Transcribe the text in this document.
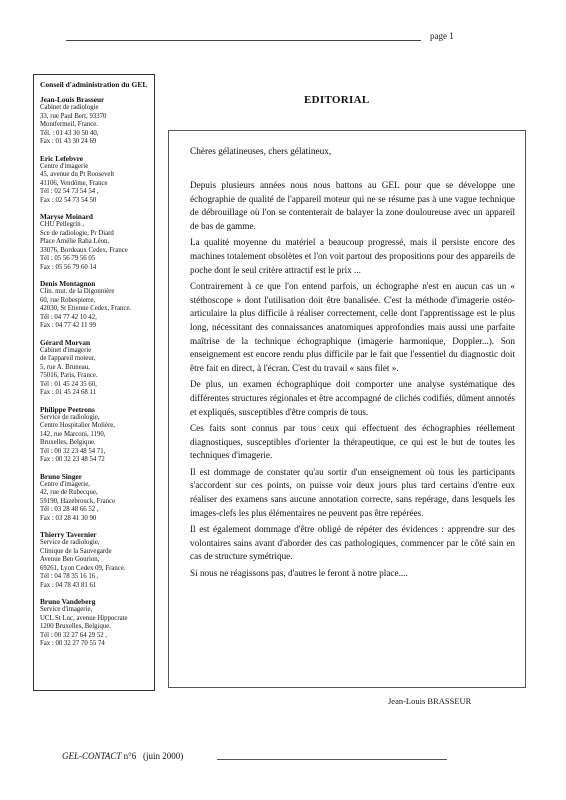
page 1
Conseil d'administration du GEL
Jean-Louis Brasseur
Cabinet de radiologie
33, rue Paul Bert, 93370
Montfermeil, France.
Tél. : 01 43 30 50 40,
Fax : 01 43 30 24 69
Eric Lefebvre
Centre d'imagerie
45, avenue du Pt Roosevelt
41106, Vendôme, France
Tél : 02 54 73 54 54 ,
Fax : 02 54 73 54 50
Maryse Moinard
CHU Pellegrin ,
Sce de radiologie, Pr Diard
Place Amélie Raba Léon,
33076, Bordeaux Cedex, France
Tél : 05 56 79 56 05
Fax : 05 56 79 60 14
Denis Montagnon
Clin. mut. de la Digonnière
60, rue Robespierre,
42030, St Etienne Cedex, France.
Tél : 04 77 42 10 42,
Fax : 04 77 42 11 99
Gérard Morvan
Cabinet d'imagerie
de l'appareil moteur,
5, rue A. Bruneau,
75016, Paris, France.
Tél : 01 45 24 35 60,
Fax : 01 45 24 68 11
Philippe Peetrons
Service de radiologie,
Centre Hospitalier Molière,
142, rue Marconi, 1190,
Bruxelles, Belgique.
Tél : 00 32 23 48 54 71,
Fax : 00 32 23 48 54 72
Bruno Singer
Centre d'imagerie,
42, rue de Rubecque,
59190, Hazebrouck, France
Tél : 03 28 48 66 52 ,
Fax : 03 28 41 30 90
Thierry Tavernier
Service de radiologie,
Clinique de la Sauvegarde
Avenue Ben Gourion,
69261, Lyon Cedex 09, France.
Tél : 04 78 35 16 16 ,
Fax : 04 78 43 81 61
Bruno Vandeberg
Service d'imagerie,
UCL St Luc, avenue Hippocrate
1200 Bruxelles, Belgique.
Tél : 00 32 27 64 29 52 ,
Fax : 00 32 27 70 55 74
EDITORIAL
Chères gélatineuses, chers gélatineux,

Depuis plusieurs années nous nous battons au GEL pour que se développe une échographie de qualité de l'appareil moteur qui ne se résume pas à une vague technique de débrouillage où l'on se contenterait de balayer la zone douloureuse avec un appareil de bas de gamme.

La qualité moyenne du matériel a beaucoup progressé, mais il persiste encore des machines totalement obsolètes et l'on voit partout des propositions pour des appareils de poche dont le seul critère attractif est le prix ...

Contrairement à ce que l'on entend parfois, un échographe n'est en aucun cas un « stéthoscope » dont l'utilisation doit être banalisée. C'est la méthode d'imagerie ostéo-articulaire la plus difficile à réaliser correctement, celle dont l'apprentissage est le plus long, nécessitant des connaissances anatomiques approfondies mais aussi une parfaite maîtrise de la technique échographique (imagerie harmonique, Doppler...). Son enseignement est encore rendu plus difficile par le fait que l'essentiel du diagnostic doit être fait en direct, à l'écran. C'est du travail « sans filet ».

De plus, un examen échographique doit comporter une analyse systématique des différentes structures régionales et être accompagné de clichés codifiés, dûment annotés et expliqués, susceptibles d'être compris de tous.

Ces faits sont connus par tous ceux qui effectuent des échographies réellement diagnostiques, susceptibles d'orienter la thérapeutique, ce qui est le but de toutes les techniques d'imagerie.

Il est dommage de constater qu'au sortir d'un enseignement où tous les participants s'accordent sur ces points, on puisse voir deux jours plus tard certains d'entre eux réaliser des examens sans aucune annotation correcte, sans repérage, dans lesquels les images-clefs les plus élémentaires ne peuvent pas être repérées.

Il est également dommage d'être obligé de répéter des évidences : apprendre sur des volontaires sains avant d'aborder des cas pathologiques, commencer par le côté sain en cas de structure symétrique.

Si nous ne réagissons pas, d'autres le feront à notre place....

Jean-Louis BRASSEUR
GEL-CONTACT n°6 (juin 2000)
